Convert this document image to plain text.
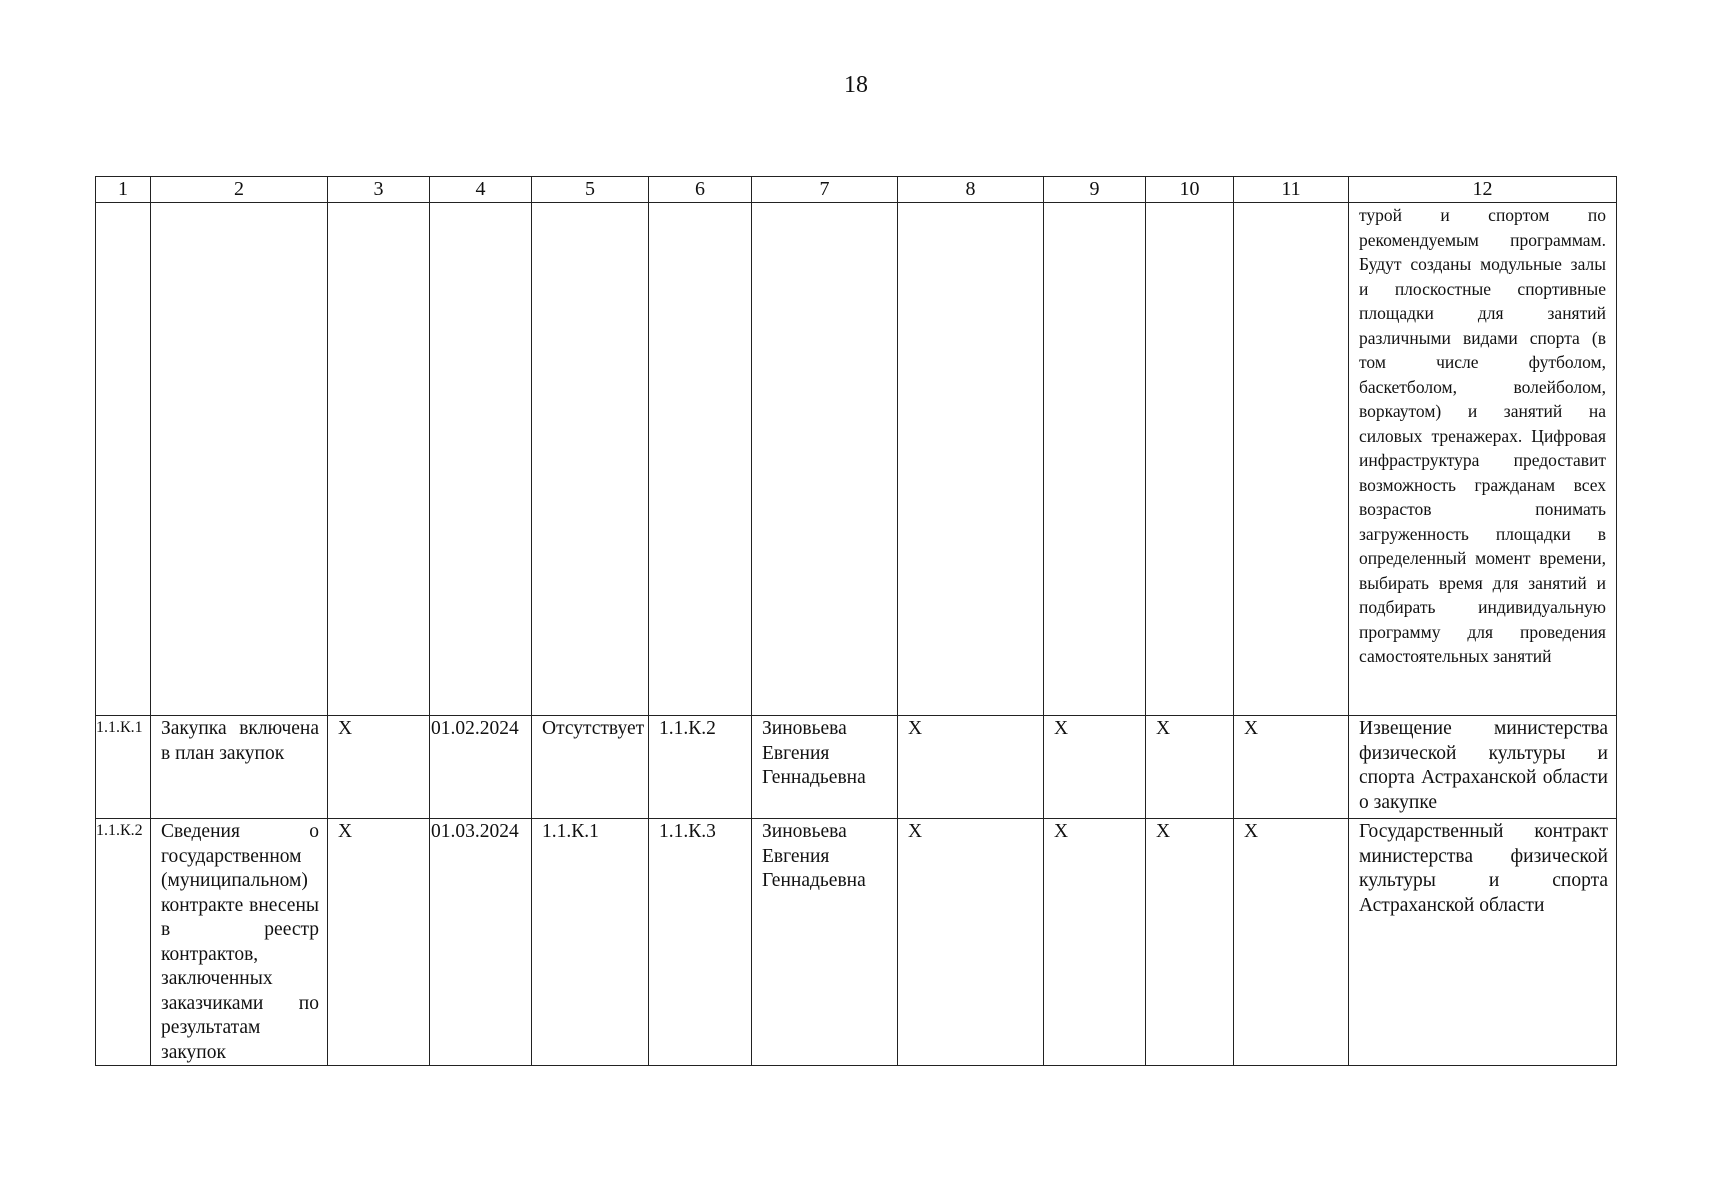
18
1	2	3	4	5	6	7	8	9	10	11	12

											турой и спортом по рекомендуемым программам. Будут созданы модульные залы и плоскостные спортивные площадки для занятий различными видами спорта (в том числе футболом, баскетболом, волейболом, воркаутом) и занятий на силовых тренажерах. Цифровая инфраструктура предоставит возможность гражданам всех возрастов понимать загруженность площадки в определенный момент времени, выбирать время для занятий и подбирать индивидуальную программу для проведения самостоятельных занятий

1.1.К.1	Закупка включена в план закупок	X	01.02.2024	Отсутствует	1.1.К.2	Зиновьева Евгения Геннадьевна	X	X	X	X	Извещение министерства физической культуры и спорта Астраханской области о закупке

1.1.К.2	Сведения о государственном (муниципальном) контракте внесены в реестр контрактов, заключенных заказчиками по результатам закупок	X	01.03.2024	1.1.К.1	1.1.К.3	Зиновьева Евгения Геннадьевна	X	X	X	X	Государственный контракт министерства физической культуры и спорта Астраханской области
